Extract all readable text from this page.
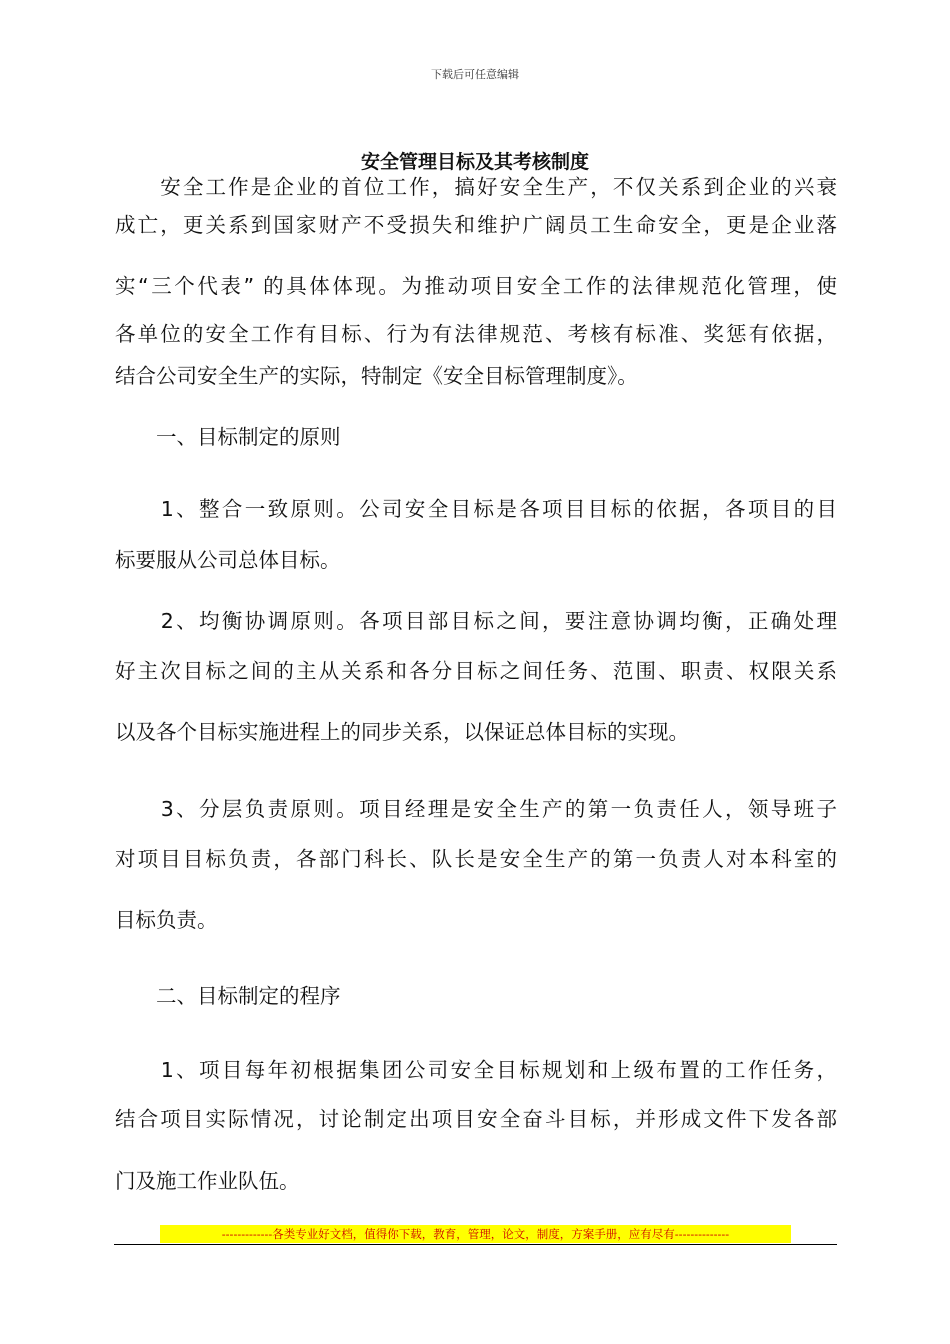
下载后可任意编辑
安全管理目标及其考核制度
　　安全工作是企业的首位工作，搞好安全生产，不仅关系到企业的兴衰
成亡，更关系到国家财产不受损失和维护广阔员工生命安全，更是企业落
实“三个代表” 的具体体现。为推动项目安全工作的法律规范化管理，使
各单位的安全工作有目标、行为有法律规范、考核有标准、奖惩有依据，
结合公司安全生产的实际，特制定《安全目标管理制度》。
　　一、目标制定的原则
　　1、整合一致原则。公司安全目标是各项目目标的依据，各项目的目
标要服从公司总体目标。
　　2、均衡协调原则。各项目部目标之间，要注意协调均衡，正确处理
好主次目标之间的主从关系和各分目标之间任务、范围、职责、权限关系
以及各个目标实施进程上的同步关系，以保证总体目标的实现。
　　3、分层负责原则。项目经理是安全生产的第一负责任人，领导班子
对项目目标负责，各部门科长、队长是安全生产的第一负责人对本科室的
目标负责。
　　二、目标制定的程序
　　1、项目每年初根据集团公司安全目标规划和上级布置的工作任务，
结合项目实际情况，讨论制定出项目安全奋斗目标，并形成文件下发各部
门及施工作业队伍。
-------------各类专业好文档，值得你下载，教育，管理，论文，制度，方案手册，应有尽有--------------
